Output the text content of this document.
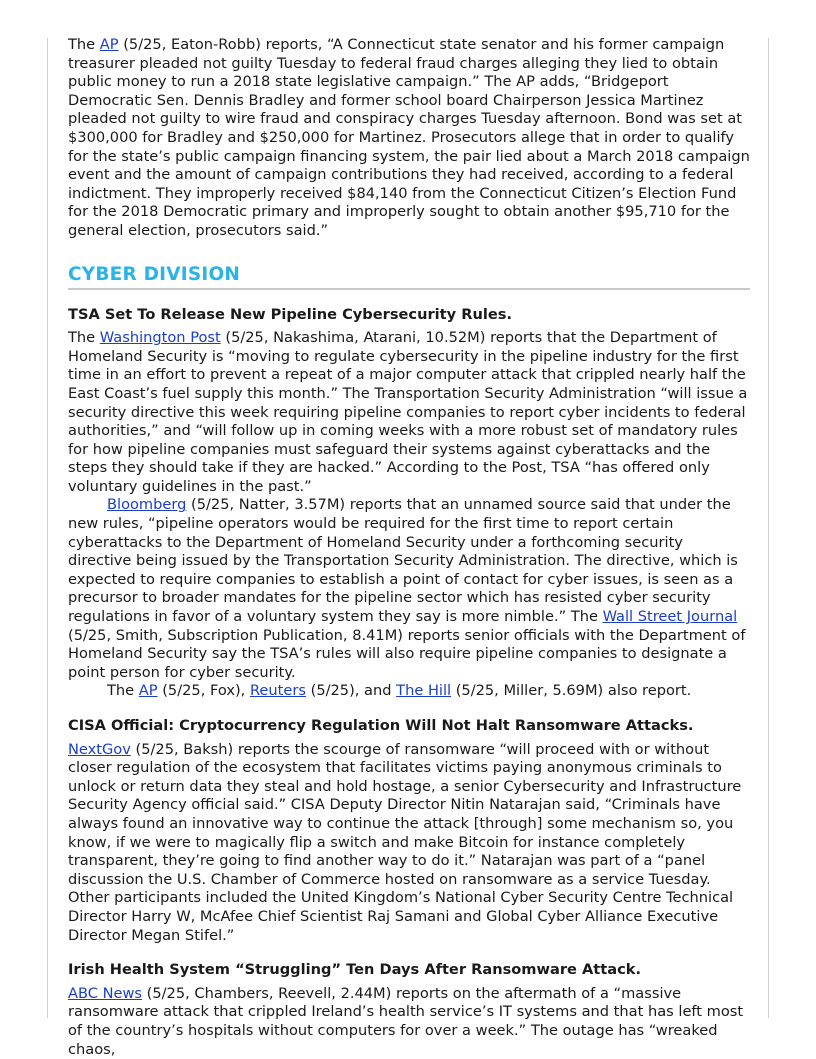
The AP (5/25, Eaton-Robb) reports, “A Connecticut state senator and his former campaign treasurer pleaded not guilty Tuesday to federal fraud charges alleging they lied to obtain public money to run a 2018 state legislative campaign.” The AP adds, “Bridgeport Democratic Sen. Dennis Bradley and former school board Chairperson Jessica Martinez pleaded not guilty to wire fraud and conspiracy charges Tuesday afternoon. Bond was set at $300,000 for Bradley and $250,000 for Martinez. Prosecutors allege that in order to qualify for the state’s public campaign financing system, the pair lied about a March 2018 campaign event and the amount of campaign contributions they had received, according to a federal indictment. They improperly received $84,140 from the Connecticut Citizen’s Election Fund for the 2018 Democratic primary and improperly sought to obtain another $95,710 for the general election, prosecutors said.”

CYBER DIVISION
TSA Set To Release New Pipeline Cybersecurity Rules.

The Washington Post (5/25, Nakashima, Atarani, 10.52M) reports that the Department of Homeland Security is “moving to regulate cybersecurity in the pipeline industry for the first time in an effort to prevent a repeat of a major computer attack that crippled nearly half the East Coast’s fuel supply this month.” The Transportation Security Administration “will issue a security directive this week requiring pipeline companies to report cyber incidents to federal authorities,” and “will follow up in coming weeks with a more robust set of mandatory rules for how pipeline companies must safeguard their systems against cyberattacks and the steps they should take if they are hacked.” According to the Post, TSA “has offered only voluntary guidelines in the past.”

Bloomberg (5/25, Natter, 3.57M) reports that an unnamed source said that under the new rules, “pipeline operators would be required for the first time to report certain cyberattacks to the Department of Homeland Security under a forthcoming security directive being issued by the Transportation Security Administration. The directive, which is expected to require companies to establish a point of contact for cyber issues, is seen as a precursor to broader mandates for the pipeline sector which has resisted cyber security regulations in favor of a voluntary system they say is more nimble.” The Wall Street Journal (5/25, Smith, Subscription Publication, 8.41M) reports senior officials with the Department of Homeland Security say the TSA’s rules will also require pipeline companies to designate a point person for cyber security.

The AP (5/25, Fox), Reuters (5/25), and The Hill (5/25, Miller, 5.69M) also report.

CISA Official: Cryptocurrency Regulation Will Not Halt Ransomware Attacks.

NextGov (5/25, Baksh) reports the scourge of ransomware “will proceed with or without closer regulation of the ecosystem that facilitates victims paying anonymous criminals to unlock or return data they steal and hold hostage, a senior Cybersecurity and Infrastructure Security Agency official said.” CISA Deputy Director Nitin Natarajan said, “Criminals have always found an innovative way to continue the attack [through] some mechanism so, you know, if we were to magically flip a switch and make Bitcoin for instance completely transparent, they’re going to find another way to do it.” Natarajan was part of a “panel discussion the U.S. Chamber of Commerce hosted on ransomware as a service Tuesday. Other participants included the United Kingdom’s National Cyber Security Centre Technical Director Harry W, McAfee Chief Scientist Raj Samani and Global Cyber Alliance Executive Director Megan Stifel.”

Irish Health System “Struggling” Ten Days After Ransomware Attack.

ABC News (5/25, Chambers, Reevell, 2.44M) reports on the aftermath of a “massive ransomware attack that crippled Ireland’s health service’s IT systems and that has left most of the country’s hospitals without computers for over a week.” The outage has “wreaked chaos,
